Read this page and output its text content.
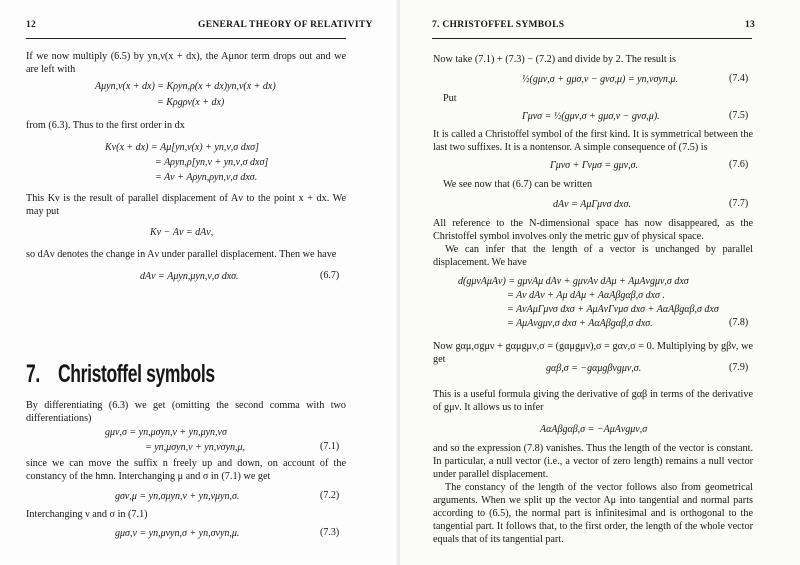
12	GENERAL THEORY OF RELATIVITY
If we now multiply (6.5) by yn,ν(x + dx), the Aμnor term drops out and we are left with
Aμyn,ν(x + dx) = Kρyn,ρ(x + dx)yn,ν(x + dx)
= Kρgρν(x + dx)
from (6.3). Thus to the first order in dx
Kν(x + dx) = Aμ[yn,ν(x) + yn,ν,σ dxσ]
= Aρyn,ρ[yn,ν + yn,ν,σ dxσ]
= Aν + Aρyn,ρyn,ν,σ dxσ.
This Kν is the result of parallel displacement of Aν to the point x + dx. We may put
Kν − Aν = dAν,
so dAν denotes the change in Aν under parallel displacement. Then we have
dAν = Aμyn,μyn,ν,σ dxσ.	(6.7)
7. Christoffel symbols
By differentiating (6.3) we get (omitting the second comma with two differentiations)
gμν,σ = yn,μσyn,ν + yn,μyn,νσ
= yn,μσyn,ν + yn,νσyn,μ,	(7.1)
since we can move the suffix n freely up and down, on account of the constancy of the hmn. Interchanging μ and σ in (7.1) we get
gσν,μ = yn,σμyn,ν + yn,νμyn,σ.	(7.2)
Interchanging ν and σ in (7.1)
gμσ,ν = yn,μνyn,σ + yn,σνyn,μ.	(7.3)
7. CHRISTOFFEL SYMBOLS	13
Now take (7.1) + (7.3) − (7.2) and divide by 2. The result is
½(gμν,σ + gμσ,ν − gνσ,μ) = yn,νσyn,μ.	(7.4)
Put
Γμνσ = ½(gμν,σ + gμσ,ν − gνσ,μ).	(7.5)
It is called a Christoffel symbol of the first kind. It is symmetrical between the last two suffixes. It is a nontensor. A simple consequence of (7.5) is
Γμνσ + Γνμσ = gμν,σ.	(7.6)
We see now that (6.7) can be written
dAν = AμΓμνσ dxσ.	(7.7)
All reference to the N-dimensional space has now disappeared, as the Christoffel symbol involves only the metric gμν of physical space.
We can infer that the length of a vector is unchanged by parallel displacement. We have
d(gμνAμAν) = gμνAμ dAν + gμνAν dAμ + AμAνgμν,σ dxσ
= Aν dAν + Aμ dAμ + AαAβgαβ,σ dxσ .
= AνAμΓμνσ dxσ + AμAνΓνμσ dxσ + AαAβgαβ,σ dxσ
= AμAνgμν,σ dxσ + AαAβgαβ,σ dxσ.	(7.8)
Now gαμ,σgμν + gαμgμν,σ = (gαμgμν),σ = gαν,σ = 0. Multiplying by gβν, we get
gαβ,σ = −gαμgβνgμν,σ.	(7.9)
This is a useful formula giving the derivative of gαβ in terms of the derivative of gμν. It allows us to infer
AαAβgαβ,σ = −AμAνgμν,σ
and so the expression (7.8) vanishes. Thus the length of the vector is constant. In particular, a null vector (i.e., a vector of zero length) remains a null vector under parallel displacement.
The constancy of the length of the vector follows also from geometrical arguments. When we split up the vector Aμ into tangential and normal parts according to (6.5), the normal part is infinitesimal and is orthogonal to the tangential part. It follows that, to the first order, the length of the whole vector equals that of its tangential part.
